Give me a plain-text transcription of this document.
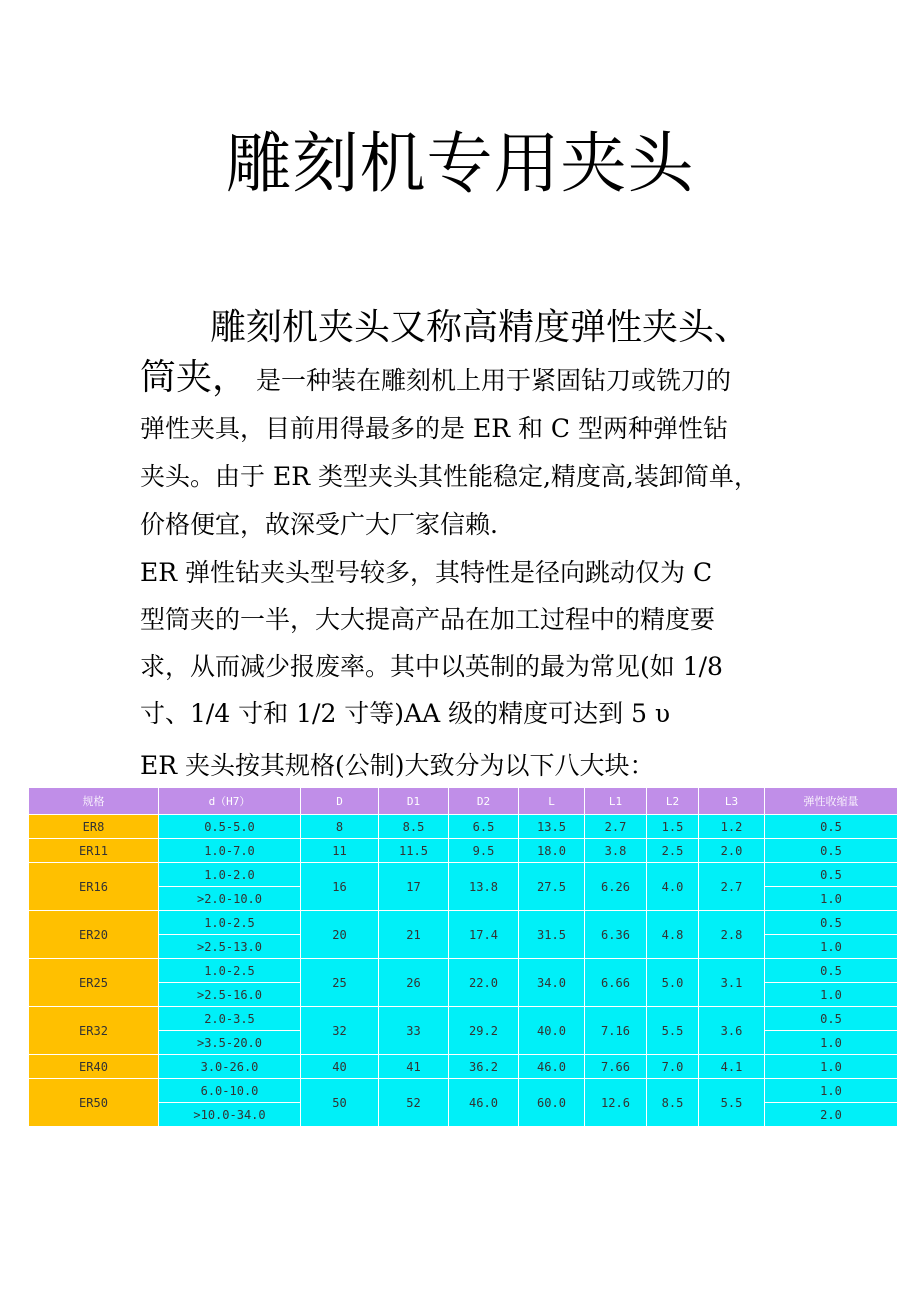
雕刻机专用夹头
雕刻机夹头又称高精度弹性夹头、
筒夹， 是一种装在雕刻机上用于紧固钻刀或铣刀的
弹性夹具，目前用得最多的是 ER 和 C 型两种弹性钻
夹头。由于 ER 类型夹头其性能稳定,精度高,装卸简单，
价格便宜，故深受广大厂家信赖.
ER 弹性钻夹头型号较多，其特性是径向跳动仅为 C
型筒夹的一半，大大提高产品在加工过程中的精度要
求，从而减少报废率。其中以英制的最为常见(如 1/8
寸、1/4 寸和 1/2 寸等)AA 级的精度可达到 5 υ
ER 夹头按其规格(公制)大致分为以下八大块：
规格	d（H7）	D	D1	D2	L	L1	L2	L3	弹性收缩量
ER8	0.5-5.0	8	8.5	6.5	13.5	2.7	1.5	1.2	0.5
ER11	1.0-7.0	11	11.5	9.5	18.0	3.8	2.5	2.0	0.5
ER16	1.0-2.0	16	17	13.8	27.5	6.26	4.0	2.7	0.5
	>2.0-10.0								1.0
ER20	1.0-2.5	20	21	17.4	31.5	6.36	4.8	2.8	0.5
	>2.5-13.0								1.0
ER25	1.0-2.5	25	26	22.0	34.0	6.66	5.0	3.1	0.5
	>2.5-16.0								1.0
ER32	2.0-3.5	32	33	29.2	40.0	7.16	5.5	3.6	0.5
	>3.5-20.0								1.0
ER40	3.0-26.0	40	41	36.2	46.0	7.66	7.0	4.1	1.0
ER50	6.0-10.0	50	52	46.0	60.0	12.6	8.5	5.5	1.0
	>10.0-34.0								2.0
